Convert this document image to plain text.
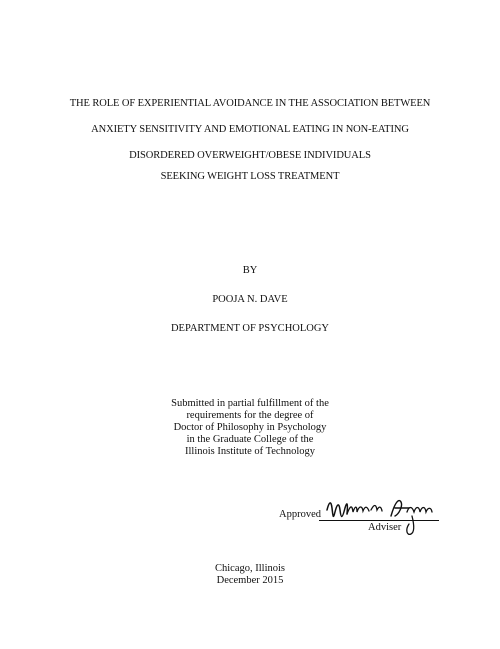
THE ROLE OF EXPERIENTIAL AVOIDANCE IN THE ASSOCIATION BETWEEN
ANXIETY SENSITIVITY AND EMOTIONAL EATING IN NON-EATING
DISORDERED OVERWEIGHT/OBESE INDIVIDUALS
SEEKING WEIGHT LOSS TREATMENT
BY
POOJA N. DAVE
DEPARTMENT OF PSYCHOLOGY
Submitted in partial fulfillment of the
requirements for the degree of
Doctor of Philosophy in Psychology
in the Graduate College of the
Illinois Institute of Technology
Approved
Adviser
Chicago, Illinois
December 2015
